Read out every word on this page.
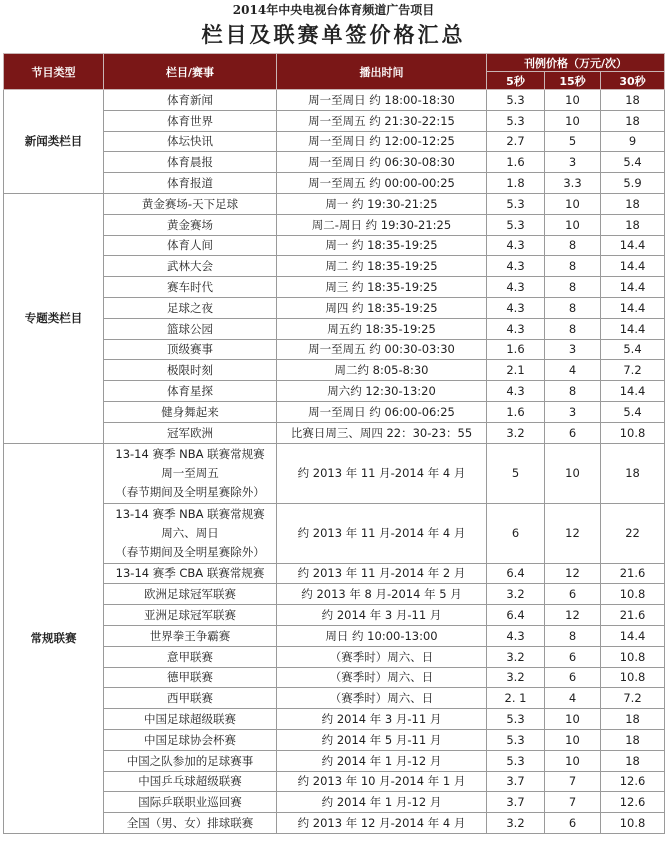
2014年中央电视台体育频道广告项目
栏目及联赛单签价格汇总
节目类型	栏目/赛事	播出时间	刊例价格（万元/次）		
			5秒	15秒	30秒
新闻类栏目	体育新闻	周一至周日 约 18:00-18:30	5.3	10	18
	体育世界	周一至周五 约 21:30-22:15	5.3	10	18
	体坛快讯	周一至周日 约 12:00-12:25	2.7	5	9
	体育晨报	周一至周日 约 06:30-08:30	1.6	3	5.4
	体育报道	周一至周五 约 00:00-00:25	1.8	3.3	5.9
专题类栏目	黄金赛场-天下足球	周一 约 19:30-21:25	5.3	10	18
	黄金赛场	周二-周日 约 19:30-21:25	5.3	10	18
	体育人间	周一 约 18:35-19:25	4.3	8	14.4
	武林大会	周二 约 18:35-19:25	4.3	8	14.4
	赛车时代	周三 约 18:35-19:25	4.3	8	14.4
	足球之夜	周四 约 18:35-19:25	4.3	8	14.4
	篮球公园	周五约 18:35-19:25	4.3	8	14.4
	顶级赛事	周一至周五 约 00:30-03:30	1.6	3	5.4
	极限时刻	周二约 8:05-8:30	2.1	4	7.2
	体育星探	周六约 12:30-13:20	4.3	8	14.4
	健身舞起来	周一至周日 约 06:00-06:25	1.6	3	5.4
	冠军欧洲	比赛日周三、周四 22：30-23：55	3.2	6	10.8
常规联赛	13-14 赛季 NBA 联赛常规赛
周一至周五
（春节期间及全明星赛除外）	约 2013 年 11 月-2014 年 4 月	5	10	18
	13-14 赛季 NBA 联赛常规赛
周六、周日
（春节期间及全明星赛除外）	约 2013 年 11 月-2014 年 4 月	6	12	22
	13-14 赛季 CBA 联赛常规赛	约 2013 年 11 月-2014 年 2 月	6.4	12	21.6
	欧洲足球冠军联赛	约 2013 年 8 月-2014 年 5 月	3.2	6	10.8
	亚洲足球冠军联赛	约 2014 年 3 月-11 月	6.4	12	21.6
	世界拳王争霸赛	周日 约 10:00-13:00	4.3	8	14.4
	意甲联赛	（赛季时）周六、日	3.2	6	10.8
	德甲联赛	（赛季时）周六、日	3.2	6	10.8
	西甲联赛	（赛季时）周六、日	2. 1	4	7.2
	中国足球超级联赛	约 2014 年 3 月-11 月	5.3	10	18
	中国足球协会杯赛	约 2014 年 5 月-11 月	5.3	10	18
	中国之队参加的足球赛事	约 2014 年 1 月-12 月	5.3	10	18
	中国乒乓球超级联赛	约 2013 年 10 月-2014 年 1 月	3.7	7	12.6
	国际乒联职业巡回赛	约 2014 年 1 月-12 月	3.7	7	12.6
	全国（男、女）排球联赛	约 2013 年 12 月-2014 年 4 月	3.2	6	10.8
